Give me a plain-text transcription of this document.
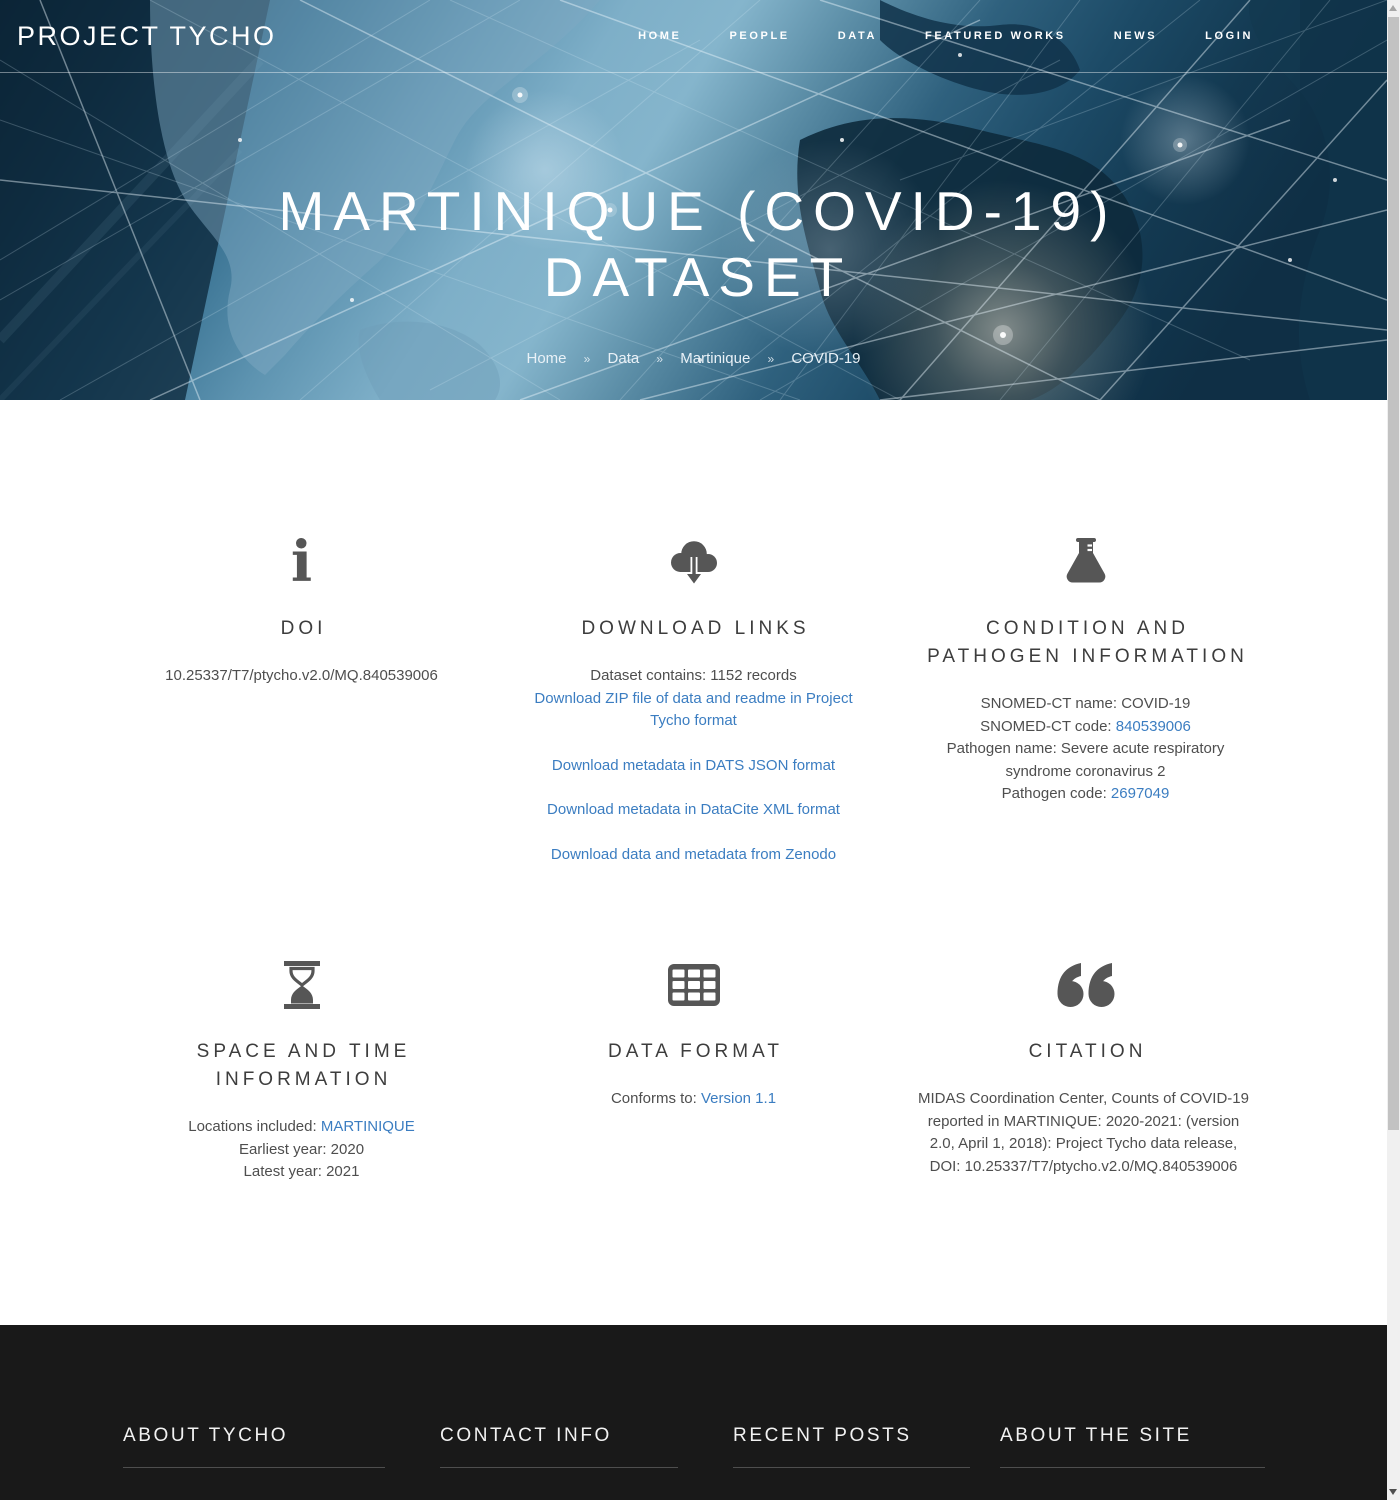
PROJECT TYCHO	HOME	PEOPLE	DATA	FEATURED WORKS	NEWS	LOGIN
MARTINIQUE (COVID-19) DATASET
Home » Data » Martinique » COVID-19
i
DOI

10.25337/T7/ptycho.v2.0/MQ.840539006

DOWNLOAD LINKS

Dataset contains: 1152 records

Download ZIP file of data and readme in Project Tycho format
Download metadata in DATS JSON format
Download metadata in DataCite XML format
Download data and metadata from Zenodo
CONDITION AND PATHOGEN INFORMATION
SNOMED-CT name: COVID-19
SNOMED-CT code: 840539006
Pathogen name: Severe acute respiratory syndrome coronavirus 2
Pathogen code: 2697049
SPACE AND TIME INFORMATION
Locations included: MARTINIQUE
Earliest year: 2020
Latest year: 2021
DATA FORMAT
Conforms to: Version 1.1
CITATION

MIDAS Coordination Center, Counts of COVID-19 reported in MARTINIQUE: 2020-2021: (version 2.0, April 1, 2018): Project Tycho data release, DOI: 10.25337/T7/ptycho.v2.0/MQ.840539006

ABOUT TYCHO	CONTACT INFO	RECENT POSTS	ABOUT THE SITE
